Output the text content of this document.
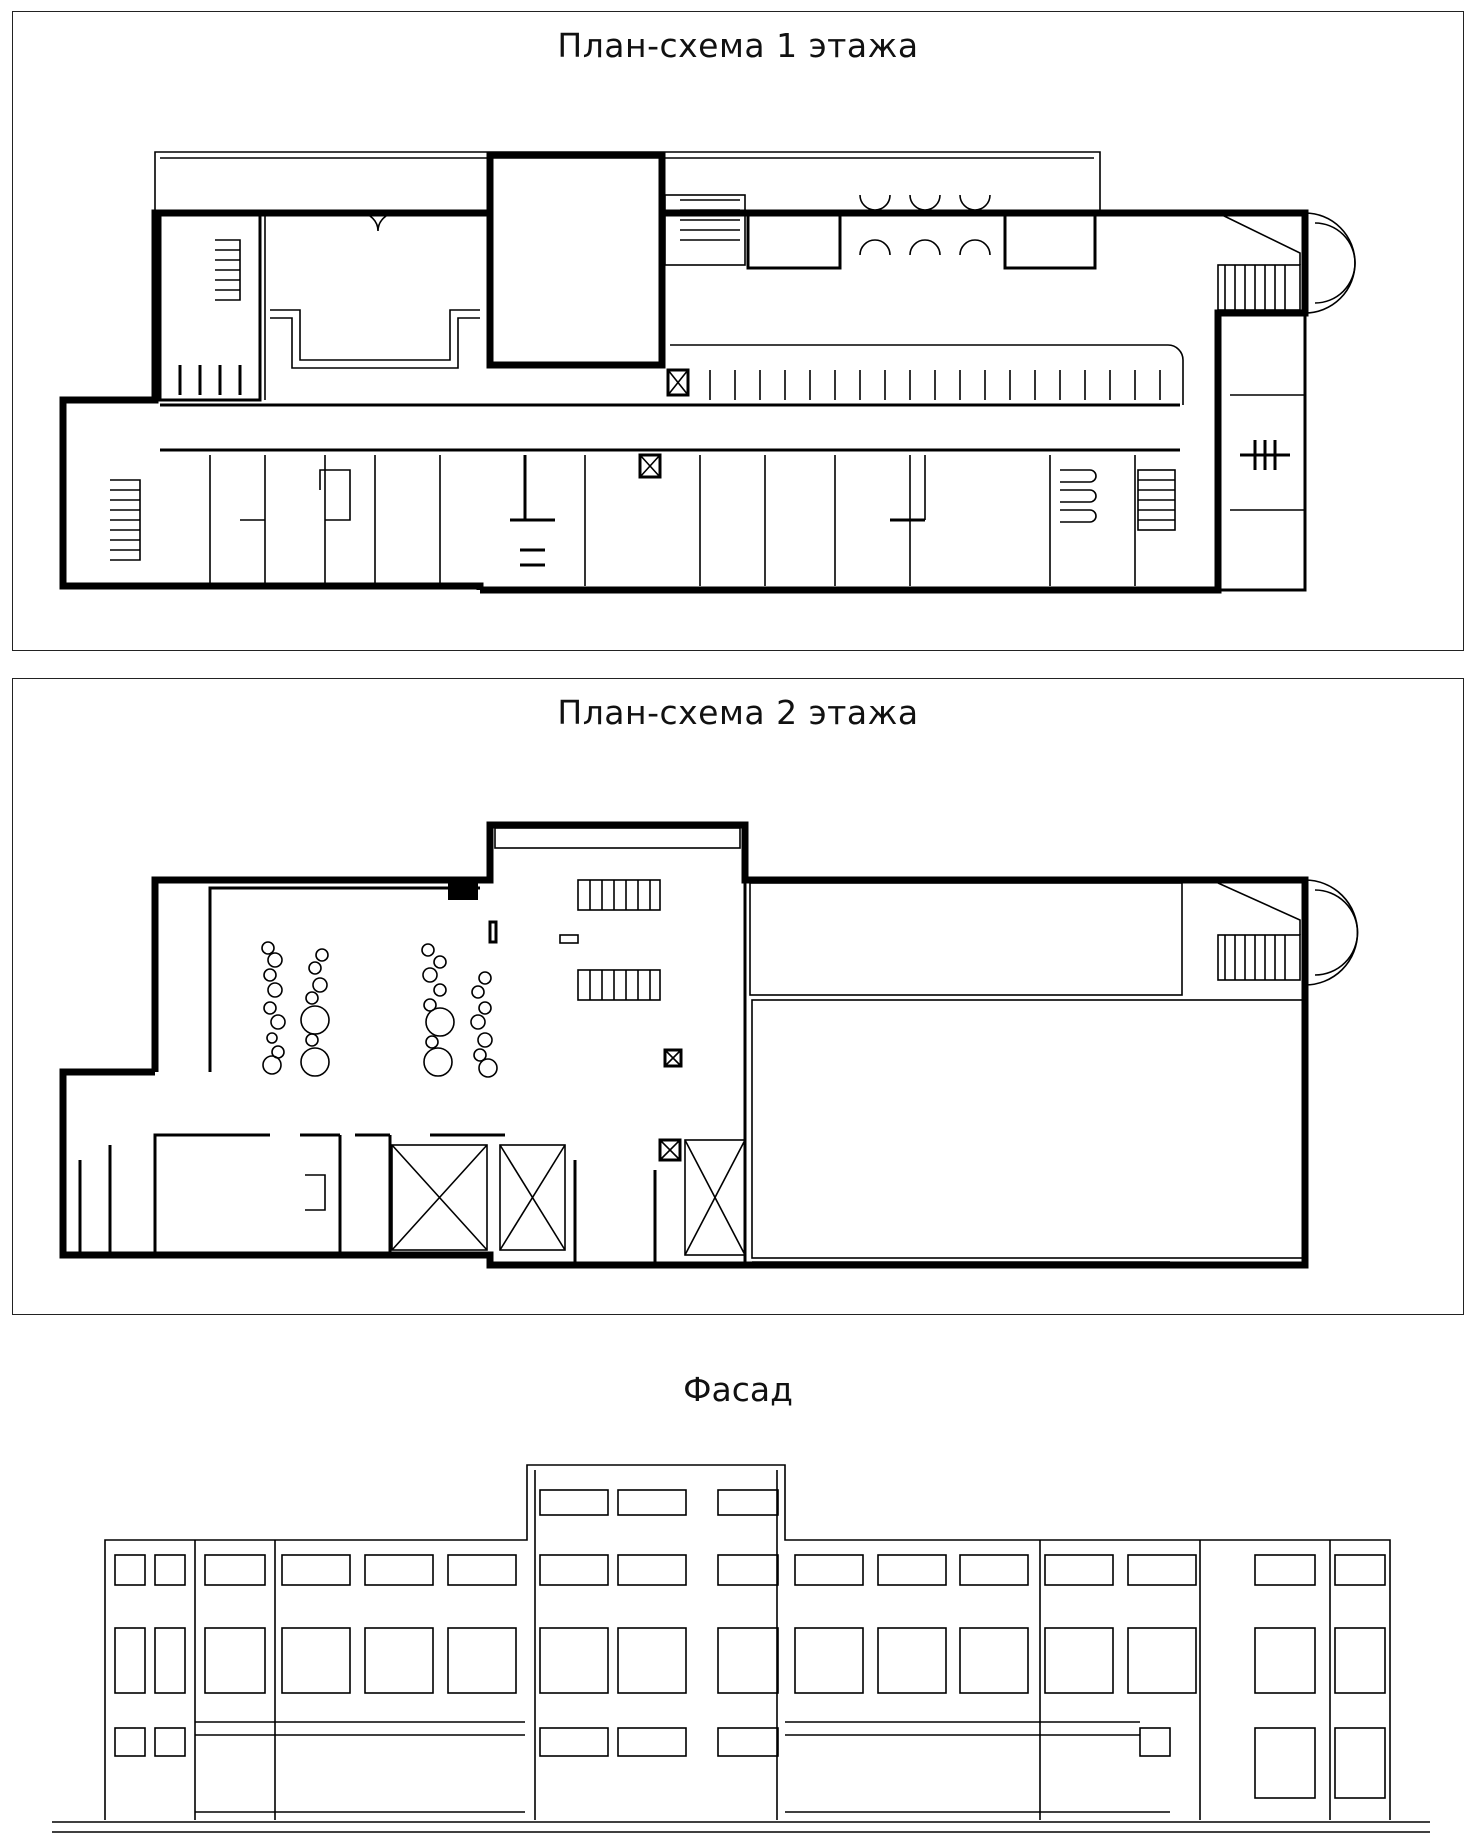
План-схема 1 этажа
План-схема 2 этажа
Фасад
